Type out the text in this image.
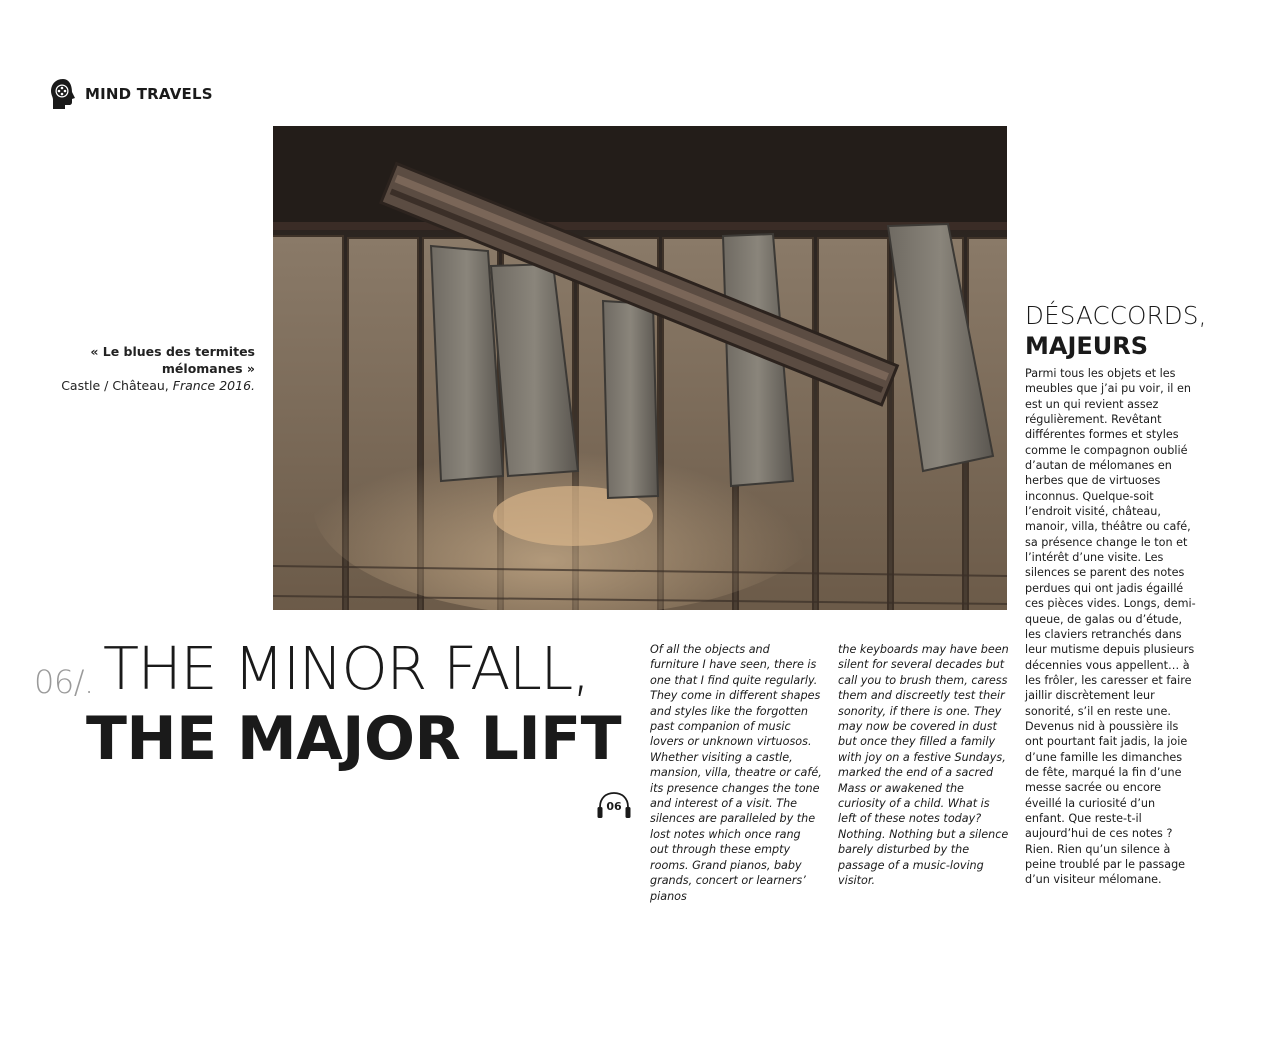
MIND TRAVELS
« Le blues des termites
mélomanes »
Castle / Château, France 2016.
06/. THE MINOR FALL,
THE MAJOR LIFT
06
Of all the objects and furniture I have seen, there is one that I find quite regularly. They come in different shapes and styles like the forgotten past companion of music lovers or unknown virtuosos. Whether visiting a castle, mansion, villa, theatre or café, its presence changes the tone and interest of a visit. The silences are paralleled by the lost notes which once rang out through these empty rooms. Grand pianos, baby grands, concert or learners’ pianos
the keyboards may have been silent for several decades but call you to brush them, caress them and discreetly test their sonority, if there is one. They may now be covered in dust but once they filled a family with joy on a festive Sundays, marked the end of a sacred Mass or awakened the curiosity of a child. What is left of these notes today? Nothing. Nothing but a silence barely disturbed by the passage of a music-loving visitor.
DÉSACCORDS,
MAJEURS
Parmi tous les objets et les meubles que j’ai pu voir, il en est un qui revient assez régulièrement. Revêtant différentes formes et styles comme le compagnon oublié d’autan de mélomanes en herbes que de virtuoses inconnus. Quelque-soit l’endroit visité, château, manoir, villa, théâtre ou café, sa présence change le ton et l’intérêt d’une visite. Les silences se parent des notes perdues qui ont jadis égaillé ces pièces vides. Longs, demi-queue, de galas ou d’étude, les claviers retranchés dans leur mutisme depuis plusieurs décennies vous appellent… à les frôler, les caresser et faire jaillir discrètement leur sonorité, s’il en reste une. Devenus nid à poussière ils ont pourtant fait jadis, la joie d’une famille les dimanches de fête, marqué la fin d’une messe sacrée ou encore éveillé la curiosité d’un enfant. Que reste-t-il aujourd’hui de ces notes ? Rien. Rien qu’un silence à peine troublé par le passage d’un visiteur mélomane.
